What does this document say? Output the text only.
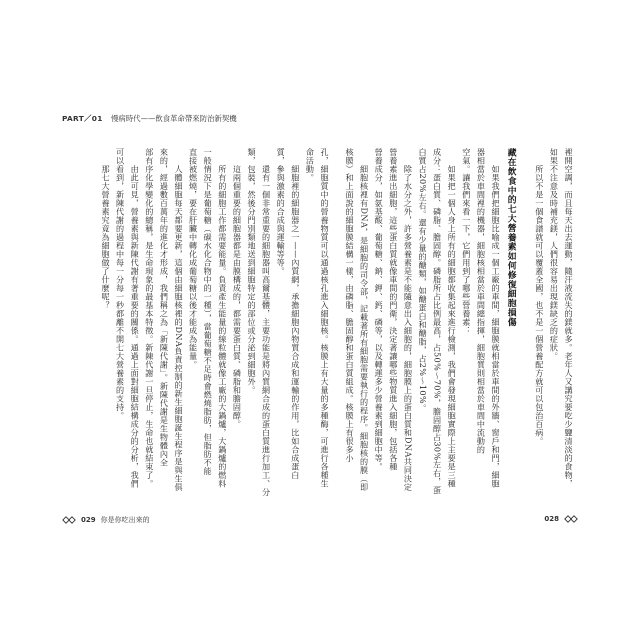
PART／01 慢病時代——飲食革命帶來防治新契機
孔，細胞質中的營養物質可以通過核孔進入細胞核。核膜上有大量的多種酶，可進行各種生
命活動。
細胞裡的細胞器之一——內質網，承擔細胞內物質合成和運輸的作用，比如合成蛋白
質，參與激素的合成與運輸等等。
還有一個非常重要的細胞器叫高爾基體，主要功能是將內質網合成的蛋白質進行加工、分
類，包裝，然後分門別類地送到細胞特定的部位或分泌到細胞外。
這兩個重要的細胞器都是由膜構成的，都需要蛋白質、磷脂和膽固醇。
所有的細胞工作都需要能量。負責產生能量的線粒體就像工廠的大鍋爐，大鍋爐的燃料
一般情況下是葡萄糖（碳水化合物中的一種），當葡萄糖不足時會燃燒脂肪，但脂肪不能
直接被燃燒，要在肝臟中轉化成葡萄糖以後才能成為能量。
人體細胞每天都要更新，這個由細胞核裡的DNA負責控制的新生細胞誕生程序是與生俱
來的，經過數百萬年的進化才形成，我們稱之為「新陳代謝」。新陳代謝是生物體內全
部有序化學變化的總稱，是生命現象的最基本特徵。新陳代謝一旦停止，生命也就結束了。
由此可見，營養素與新陳代謝有著重要的關係。通過上面對細胞結構成分的分析，我們
可以看到，新陳代謝的過程中每一分每一秒都離不開七大營養素的支持。
那七大營養素究竟為細胞做了什麼呢？
029 你是你吃出來的
裡開空調，而且每天出去運動，隨汗液流失的鎂就多。老年人又講究要吃少鹽清淡的食物，
如果不注意及時補充鎂，人們很容易出現鎂缺乏的症狀。
所以不是一個食譜就可以覆蓋全國，也不是一個營養配方就可以包治百病。
藏在飲食中的七大營養素如何修復細胞損傷
如果我們把細胞比喻成一個工廠的車間，細胞膜就相當於車間的外牆、窗戶和門，細胞
器相當於車間裡的機器，細胞核相當於車間總指揮，細胞質則相當於車間中流動的
空氣。讓我們來看一下，它們用到了哪些營養素：
如果把一個人身上所有的細胞都收集起來進行檢測，我們會發現細胞實際上主要是三種
成分：蛋白質、磷脂、膽固醇。磷脂所占比例最高，占50%～70%，膽固醇占30%左右，蛋
白質占20%左右。還有少量的醣類，如醣蛋白和醣脂，占2%～10%。
除了水分之外，許多營養素是不能隨意出入細胞的，細胞膜上的蛋白質和DNA共同決定
營養素進出細胞，這些蛋白質就像車間的門衛，決定著讓哪些物質進入細胞，包括各種
營養成分，如氨基酸、葡萄糖、鈉、鉀、鈣、磷等，以及轉運多少營養素到細胞中等。
細胞核裡有DNA，是細胞的司令部，記載著所有細胞需要執行的程序。細胞核的膜（即
核膜）和上面說的細胞膜結構一樣，由磷脂、膽固醇和蛋白質組成。核膜上有很多小
028
